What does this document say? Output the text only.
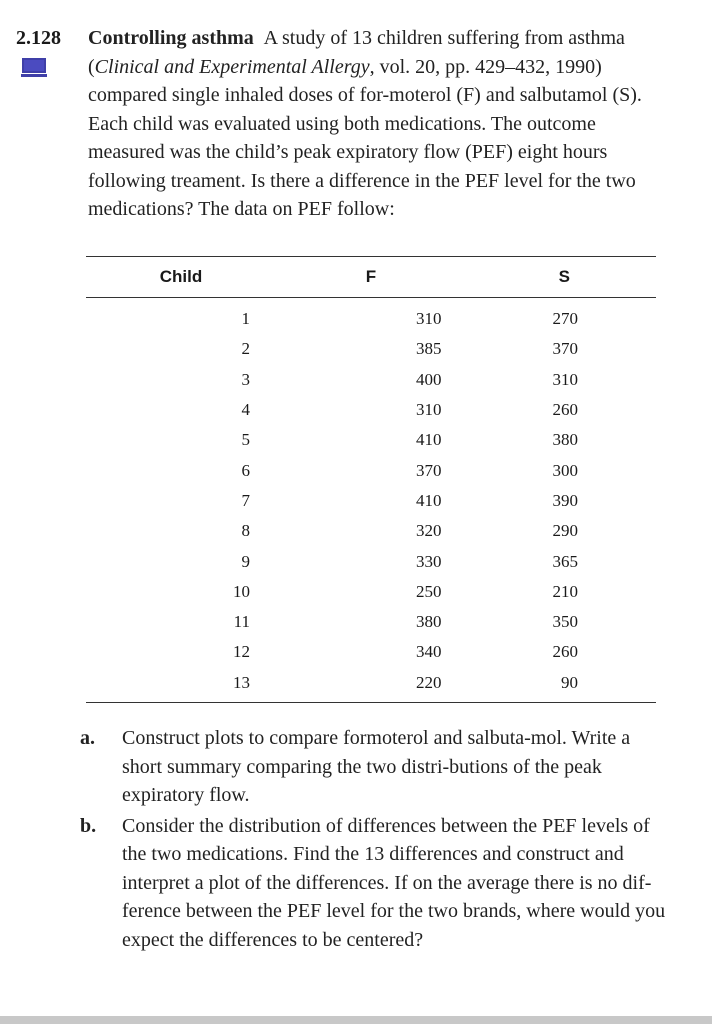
2.128 Controlling asthma A study of 13 children suffering from asthma (Clinical and Experimental Allergy, vol. 20, pp. 429–432, 1990) compared single inhaled doses of for-moterol (F) and salbutamol (S). Each child was evaluated using both medications. The outcome measured was the child’s peak expiratory flow (PEF) eight hours following treament. Is there a difference in the PEF level for the two medications? The data on PEF follow:
Child	F	S
1	310	270
2	385	370
3	400	310
4	310	260
5	410	380
6	370	300
7	410	390
8	320	290
9	330	365
10	250	210
11	380	350
12	340	260
13	220	90
a. Construct plots to compare formoterol and salbuta-mol. Write a short summary comparing the two distri-butions of the peak expiratory flow.
b. Consider the distribution of differences between the PEF levels of the two medications. Find the 13 differences and construct and interpret a plot of the differences. If on the average there is no dif-ference between the PEF level for the two brands, where would you expect the differences to be centered?
